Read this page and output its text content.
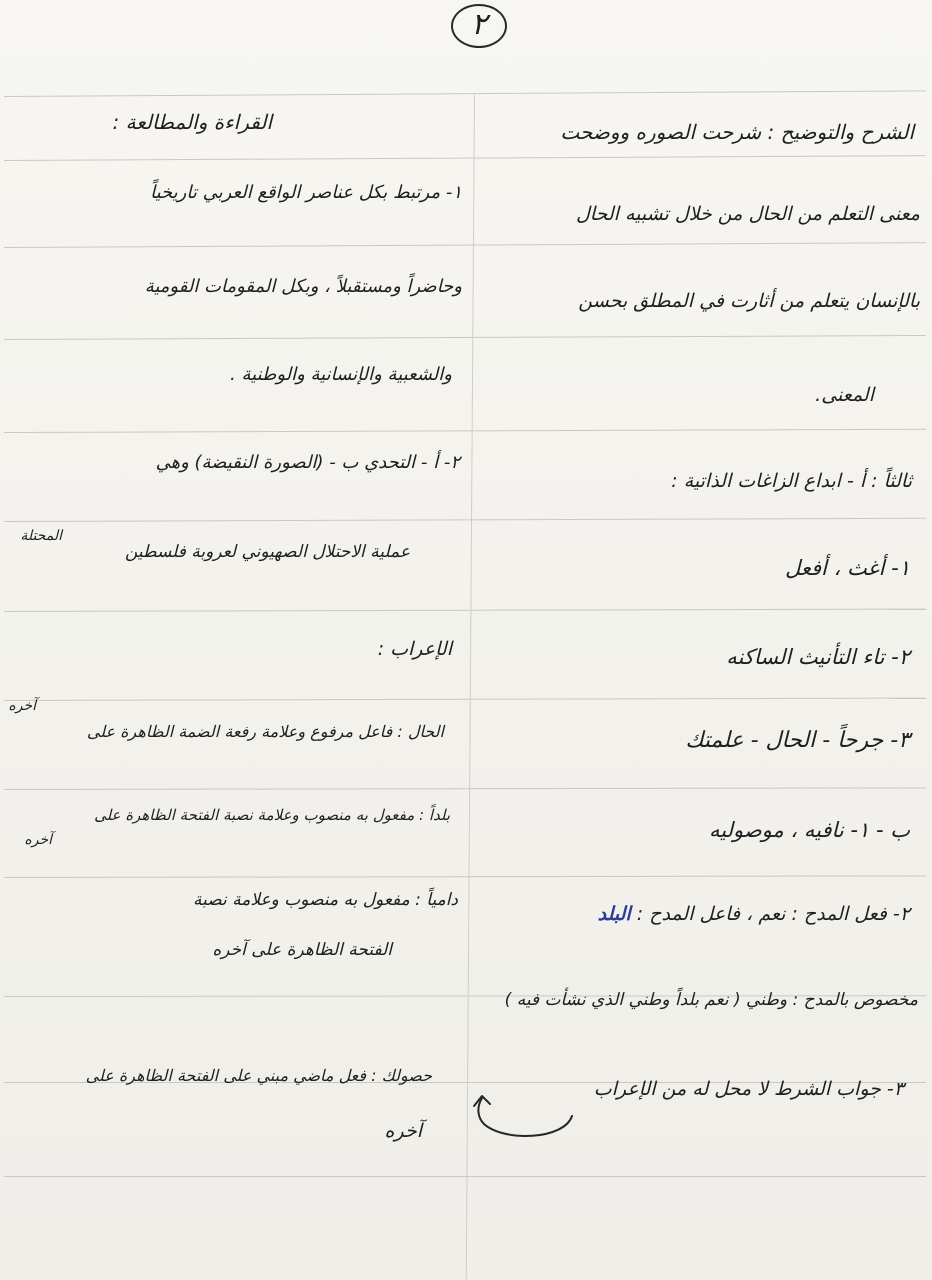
٢
الشرح والتوضيح : شرحت الصوره ووضحت
معنى التعلم من الحال من خلال تشبيه الحال
بالإنسان يتعلم من أثارت في المطلق بحسن
المعنى.
ثالثاً : أ - ابداع الزاغات الذاتية :
١- أغث ، أفعل
٢- تاء التأنيث الساكنه
٣- جرحاً - الحال - علمتك
ب - ١- نافيه ، موصوليه
٢- فعل المدح : نعم ، فاعل المدح : البلد
مخصوص بالمدح : وطني ( نعم بلداً وطني الذي نشأت فيه )
٣- جواب الشرط لا محل له من الإعراب
القراءة والمطالعة :
١- مرتبط بكل عناصر الواقع العربي تاريخياً
وحاضراً ومستقبلاً ، وبكل المقومات القومية
والشعبية والإنسانية والوطنية .
٢- أ - التحدي ب - (الصورة النقيضة) وهي
عملية الاحتلال الصهيوني لعروبة فلسطين
المحتلة
الإعراب :
الحال : فاعل مرفوع وعلامة رفعة الضمة الظاهرة على
آخره
بلداً : مفعول به منصوب وعلامة نصبة الفتحة الظاهرة على
آخره
دامياً : مفعول به منصوب وعلامة نصبة
الفتحة الظاهرة على آخره
حصولك : فعل ماضي مبني على الفتحة الظاهرة على
آخره
